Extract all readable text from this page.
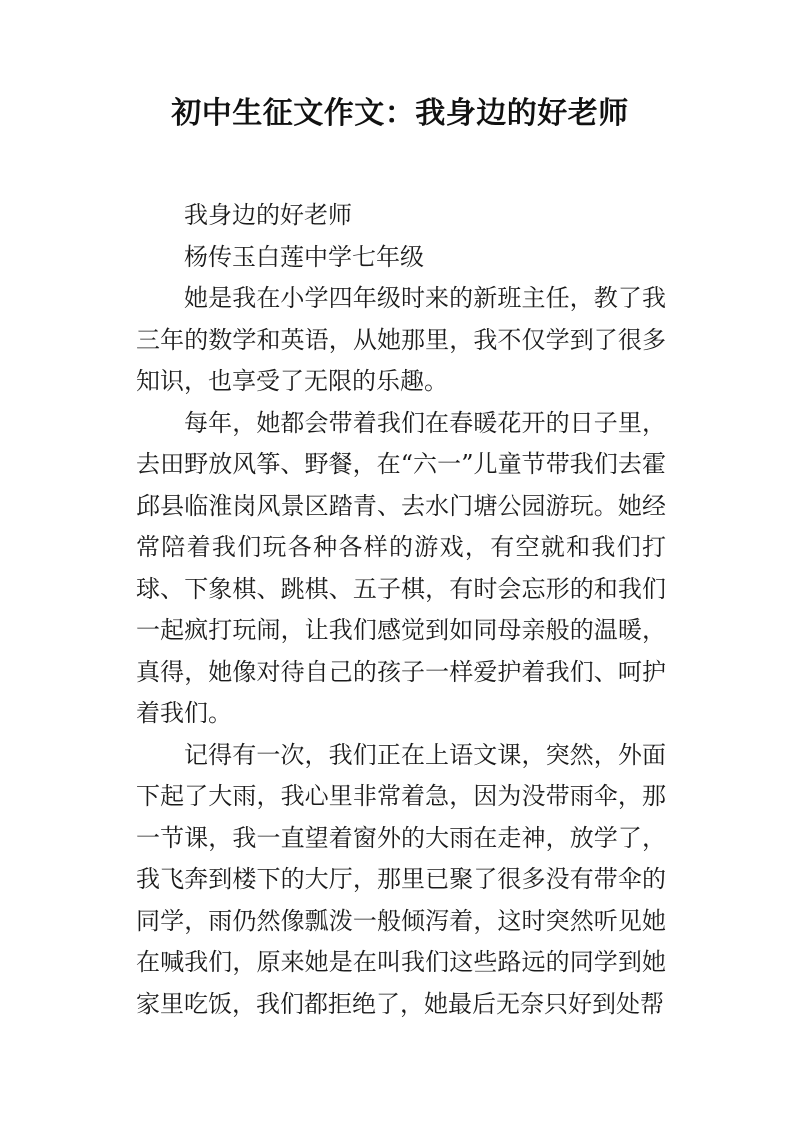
初中生征文作文：我身边的好老师

我身边的好老师

杨传玉白莲中学七年级

她是我在小学四年级时来的新班主任，教了我三年的数学和英语，从她那里，我不仅学到了很多知识，也享受了无限的乐趣。

每年，她都会带着我们在春暖花开的日子里，去田野放风筝、野餐，在“六一”儿童节带我们去霍邱县临淮岗风景区踏青、去水门塘公园游玩。她经常陪着我们玩各种各样的游戏，有空就和我们打球、下象棋、跳棋、五子棋，有时会忘形的和我们一起疯打玩闹，让我们感觉到如同母亲般的温暖，真得，她像对待自己的孩子一样爱护着我们、呵护着我们。

记得有一次，我们正在上语文课，突然，外面下起了大雨，我心里非常着急，因为没带雨伞，那一节课，我一直望着窗外的大雨在走神，放学了，我飞奔到楼下的大厅，那里已聚了很多没有带伞的同学，雨仍然像瓢泼一般倾泻着，这时突然听见她在喊我们，原来她是在叫我们这些路远的同学到她家里吃饭，我们都拒绝了，她最后无奈只好到处帮
